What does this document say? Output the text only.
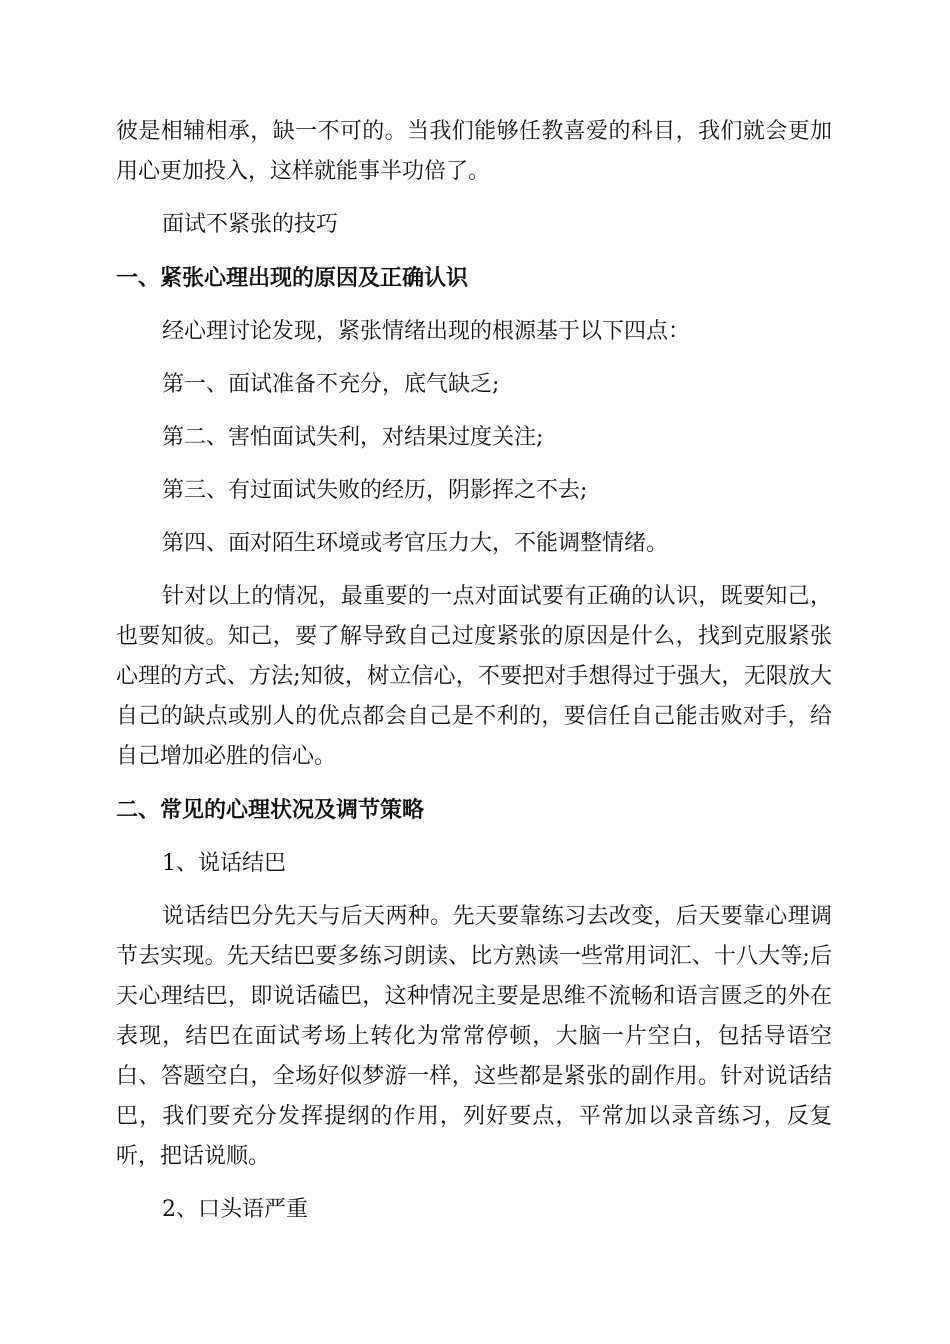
彼是相辅相承，缺一不可的。当我们能够任教喜爱的科目，我们就会更加用心更加投入，这样就能事半功倍了。

面试不紧张的技巧

一、紧张心理出现的原因及正确认识

经心理讨论发现，紧张情绪出现的根源基于以下四点：

第一、面试准备不充分，底气缺乏;

第二、害怕面试失利，对结果过度关注;

第三、有过面试失败的经历，阴影挥之不去;

第四、面对陌生环境或考官压力大，不能调整情绪。

针对以上的情况，最重要的一点对面试要有正确的认识，既要知己，也要知彼。知己，要了解导致自己过度紧张的原因是什么，找到克服紧张心理的方式、方法;知彼，树立信心，不要把对手想得过于强大，无限放大自己的缺点或别人的优点都会自己是不利的，要信任自己能击败对手，给自己增加必胜的信心。

二、常见的心理状况及调节策略

1、说话结巴

说话结巴分先天与后天两种。先天要靠练习去改变，后天要靠心理调节去实现。先天结巴要多练习朗读、比方熟读一些常用词汇、十八大等;后天心理结巴，即说话磕巴，这种情况主要是思维不流畅和语言匮乏的外在表现，结巴在面试考场上转化为常常停顿，大脑一片空白，包括导语空白、答题空白，全场好似梦游一样，这些都是紧张的副作用。针对说话结巴，我们要充分发挥提纲的作用，列好要点，平常加以录音练习，反复听，把话说顺。

2、口头语严重
